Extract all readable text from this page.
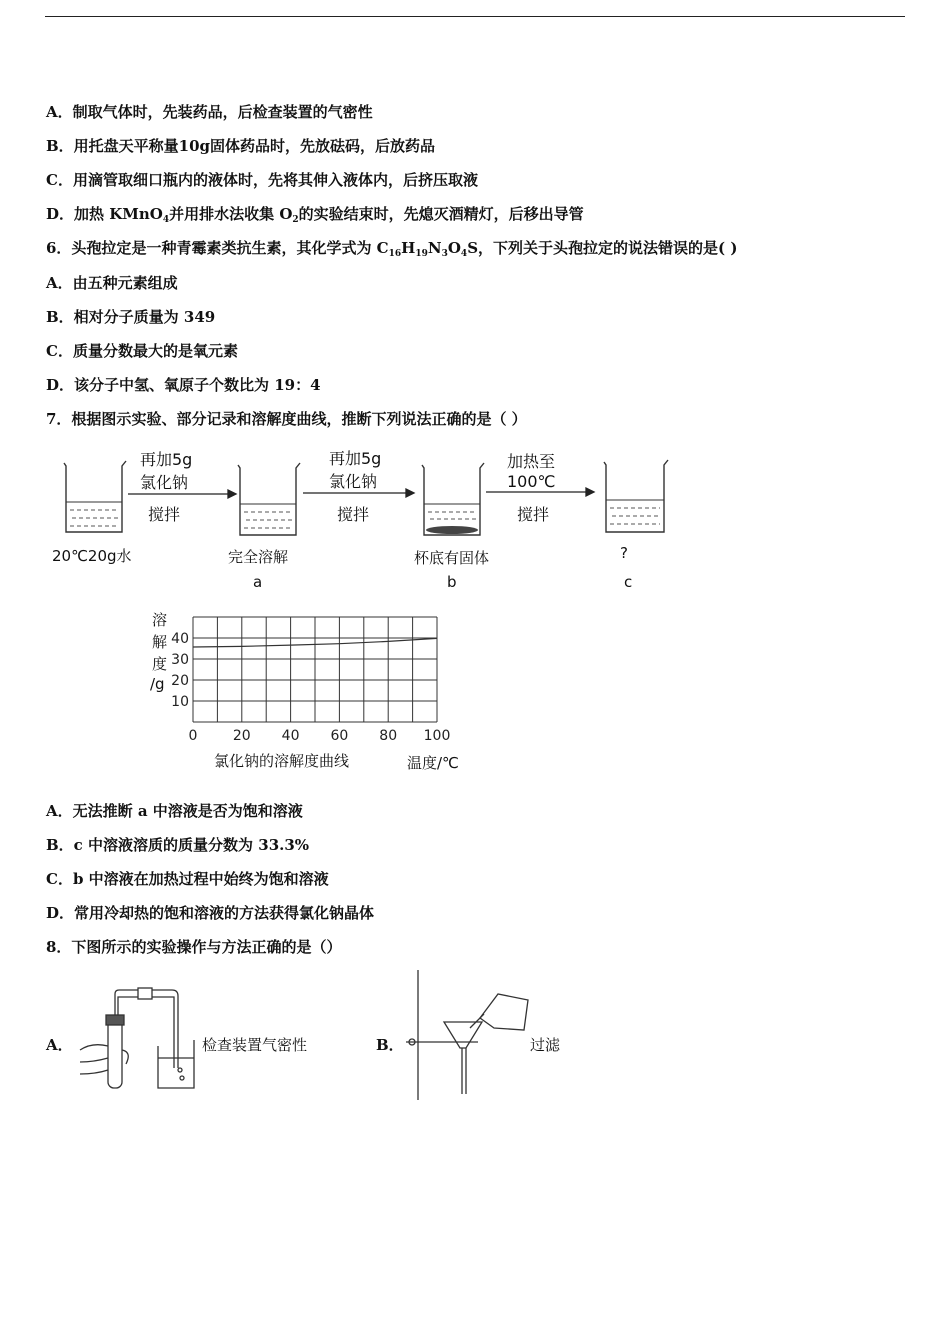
A．制取气体时，先装药品，后检查装置的气密性
B．用托盘天平称量10g固体药品时，先放砝码，后放药品
C．用滴管取细口瓶内的液体时，先将其伸入液体内，后挤压取液
D．加热 KMnO$_4$并用排水法收集 $O_2$的实验结束时，先熄灭酒精灯，后移出导管
6．头孢拉定是一种青霉素类抗生素，其化学式为 $C_{16}H_{19}N_3O_4S$，下列关于头孢拉定的说法错误的是( )
A．由五种元素组成
B．相对分子质量为 349
C．质量分数最大的是氧元素
D．该分子中氢、氧原子个数比为 19：4
7．根据图示实验、部分记录和溶解度曲线，推断下列说法正确的是（ ）
再加5g
氯化钠
搅拌
再加5g
氯化钠
搅拌
加热至
100℃
搅拌
20℃20g水	完全溶解
a
杯底有固体
b
?
c
10
20
30
40
0	20 40 60 80 100
溶
解
度
/g
氯化钠的溶解度曲线	温度/℃
A．无法推断 a 中溶液是否为饱和溶液
B．c 中溶液溶质的质量分数为 33.3%
C．b 中溶液在加热过程中始终为饱和溶液
D．常用冷却热的饱和溶液的方法获得氯化钠晶体
8．下图所示的实验操作与方法正确的是（）
A．	检查装置气密性	B．	过滤
